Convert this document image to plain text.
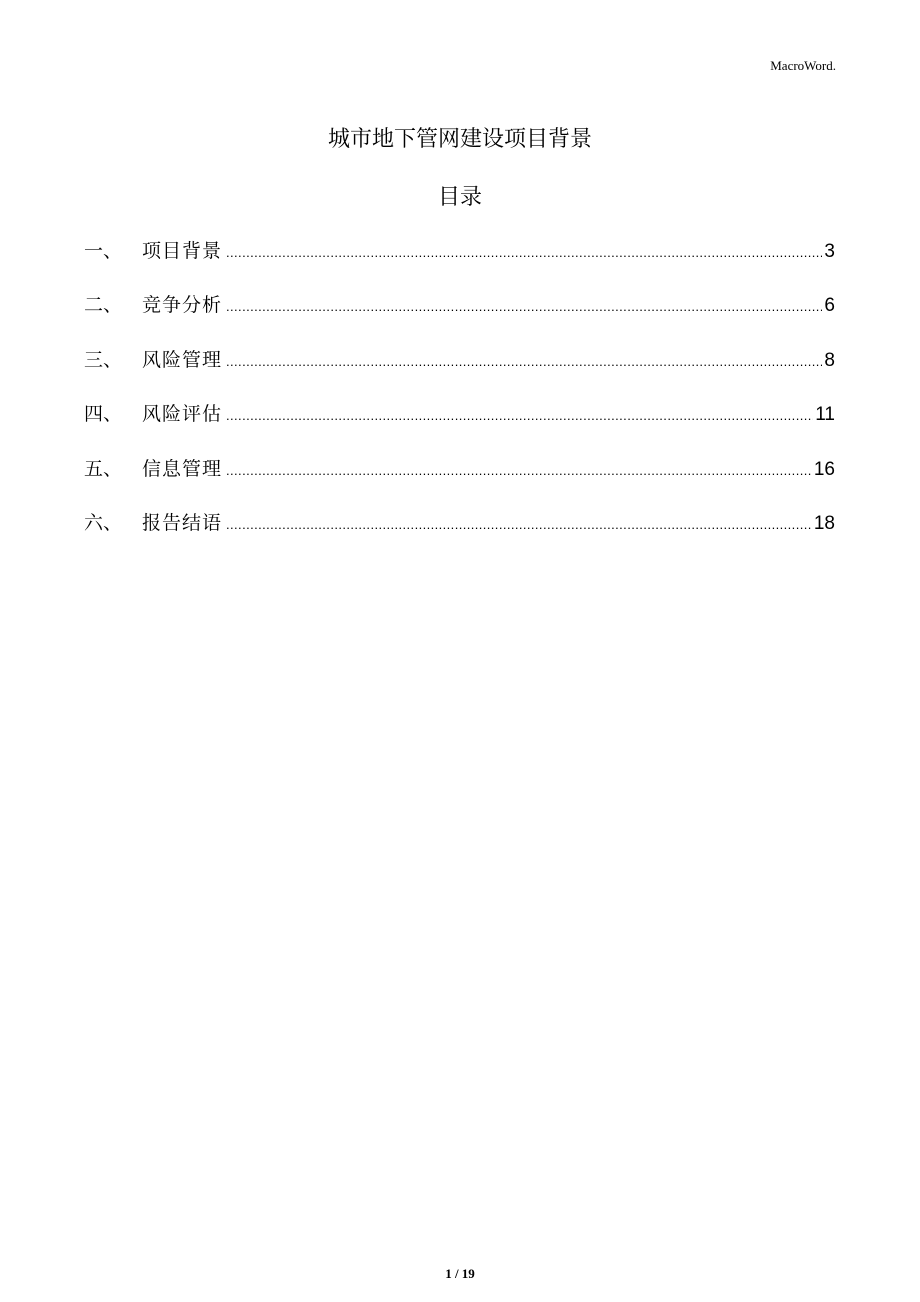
MacroWord.
城市地下管网建设项目背景
目录
一、	项目背景 .....	3
二、	竞争分析 .....	6
三、	风险管理 .....	8
四、	风险评估 .....	11
五、	信息管理 .....	16
六、	报告结语 .....	18
1 / 19
